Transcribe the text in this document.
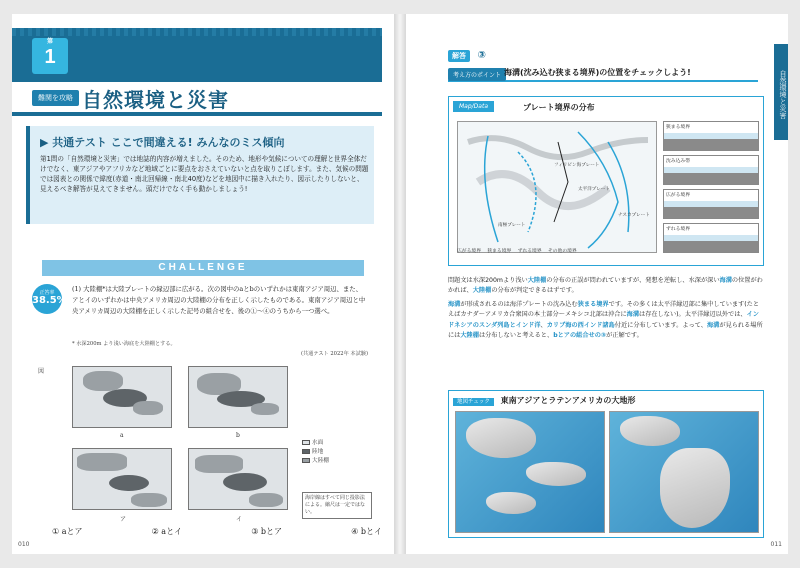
第
1
難関を攻略 自然環境と災害
▶ 共通テスト ここで間違える! みんなのミス傾向
第1問の「自然環境と災害」では地誌的内容が増えました。そのため、地形や気候についての理解と世界全体だけでなく、東アジアやアフリカなど地域ごとに要点をおさえていないと点を取りこぼします。また、気候の問題では図表との関係で緯度(赤道・南北回帰線・南北40度)などを地図中に描き入れたり、図示したりしないと、見えるべき解答が見えてきません。頭だけでなく手も動かしましょう!
CHALLENGE
正答率
38.5%
(1) 大陸棚*は大陸プレートの縁辺部に広がる。次の図中のaとbのいずれかは東南アジア周辺、また、アとイのいずれかは中央アメリカ周辺の大陸棚の分布を正しく示したものである。東南アジア周辺と中央アメリカ周辺の大陸棚を正しく示した記号の組合せを、後の①〜④のうちから一つ選べ。
* 水深200m より浅い海底を大陸棚とする。
(共通テスト 2022年 本試験)
図
a	b
ア	イ
水面
陸地
大陸棚
海岸線はすべて同じ投影法による。縮尺は一定ではない。
① aとア	② aとイ	③ bとア	④ bとイ
010
解答 ③
考え方のポイント 海溝(沈み込む狭まる境界)の位置をチェックしよう!	自然環境と災害
Map/Data	プレート境界の分布
フィリピン海プレート
太平洋プレート
南極プレート
ナスカプレート
広がる境界　 狭まる境界　 ずれる境界　 その他の境界
狭まる境界
沈み込み帯
広がる境界
ずれる境界

問題文は水深200mより浅い大陸棚の分布の正誤が問われていますが、発想を逆転し、水深が深い海溝の位置がわかれば、大陸棚の分布が判定できるはずです。

海溝が形成されるのは海洋プレートの沈み込む狭まる境界です。その多くは太平洋縁辺部に集中しています(たとえばカナダ〜アメリカ合衆国の本土部分〜メキシコ北部は沖合に海溝は存在しない)。太平洋縁辺以外では、インドネシアのスンダ列島とインド洋、カリブ海の西インド諸島付近に分布しています。よって、海溝が見られる場所には大陸棚は分布しないと考えると、bとアの組合せの③が正解です。

地図チェック 東南アジアとラテンアメリカの大地形
011
